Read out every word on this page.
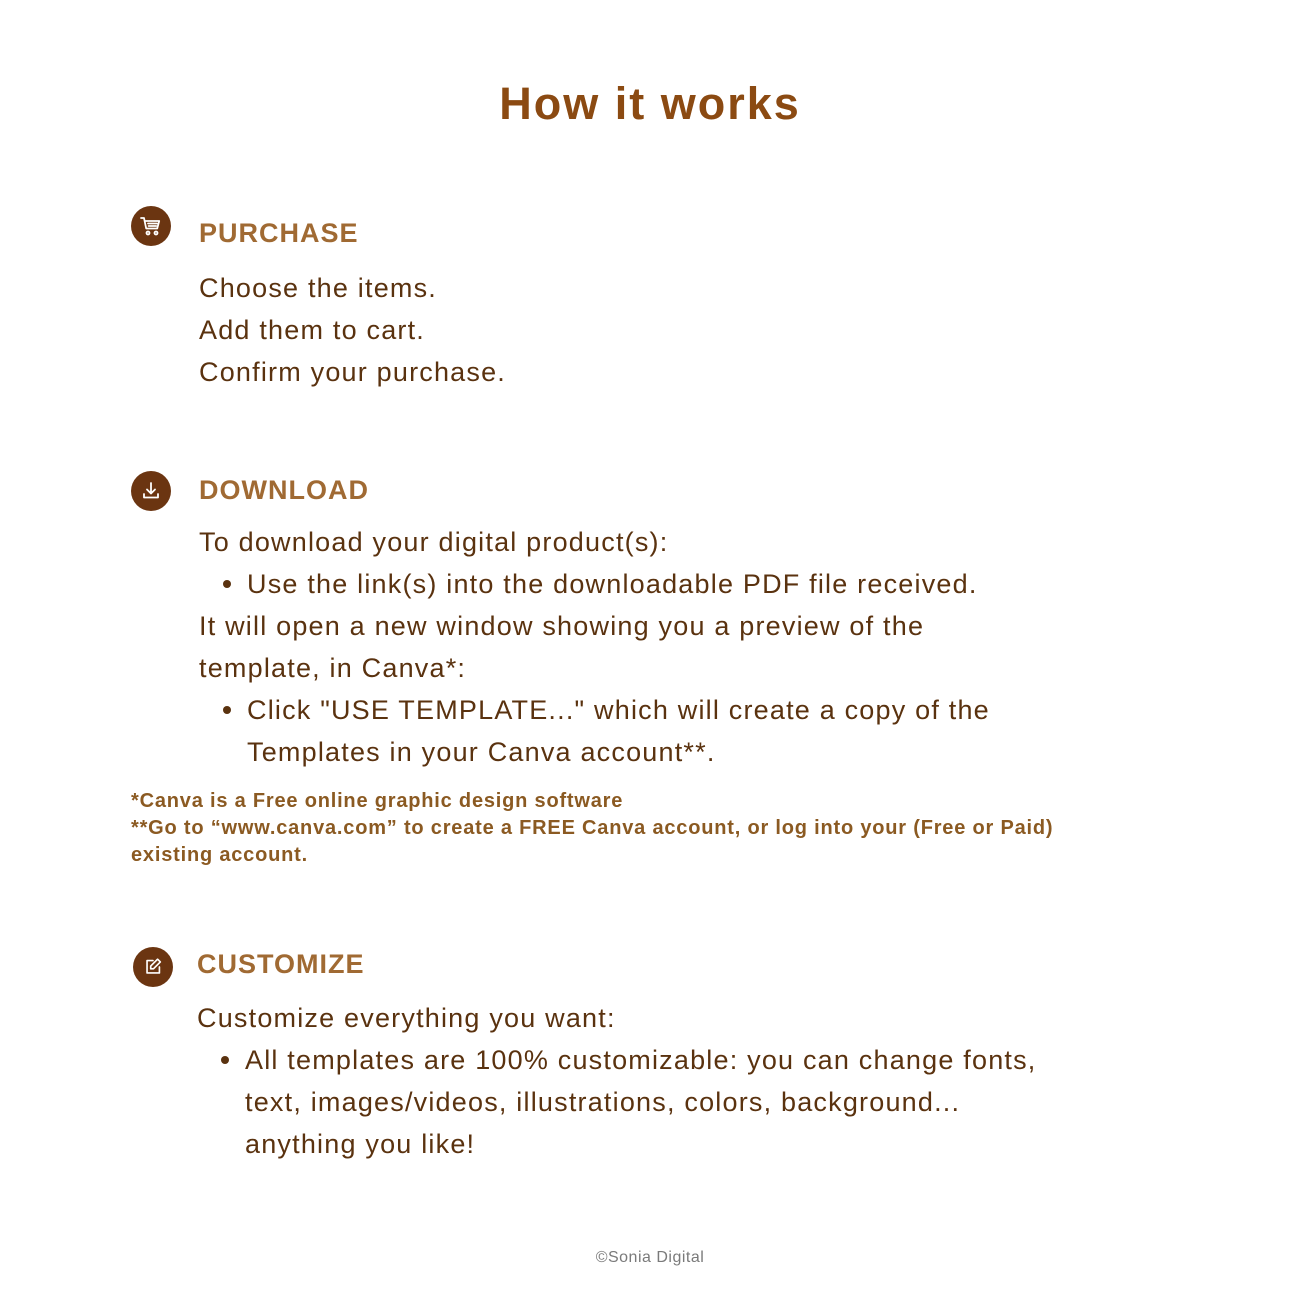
How it works
PURCHASE
Choose the items.
Add them to cart.
Confirm your purchase.
DOWNLOAD
To download your digital product(s):
Use the link(s) into the downloadable PDF file received.
It will open a new window showing you a preview of the
template, in Canva*:
Click "USE TEMPLATE..." which will create a copy of the
Templates in your Canva account**.
*Canva is a Free online graphic design software
**Go to “www.canva.com” to create a FREE Canva account, or log into your (Free or Paid)
existing account.
CUSTOMIZE
Customize everything you want:
All templates are 100% customizable: you can change fonts,
text, images/videos, illustrations, colors, background...
anything you like!
©Sonia Digital
